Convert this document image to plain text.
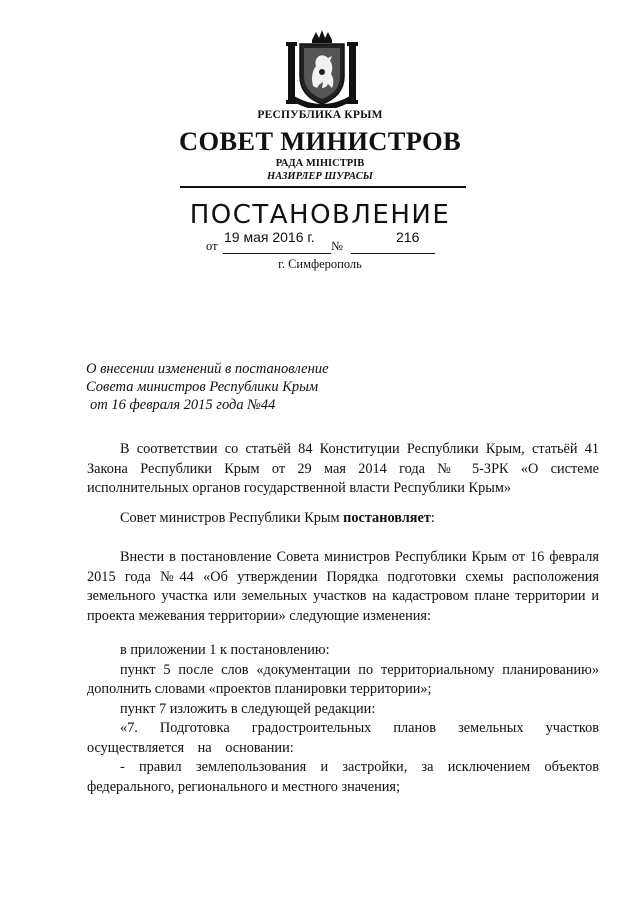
РЕСПУБЛИКА КРЫМ
СОВЕТ МИНИСТРОВ
РАДА МІНІСТРІВ
НАЗИРЛЕР ШУРАСЫ
ПОСТАНОВЛЕНИЕ
от
19 мая 2016 г.
№
216
г. Симферополь
О внесении изменений в постановление
Совета министров Республики Крым
от 16 февраля 2015 года №44

В соответствии со статьёй 84 Конституции Республики Крым, статьёй 41 Закона Республики Крым от 29 мая 2014 года № 5-ЗРК «О системе исполнительных органов государственной власти Республики Крым»

Совет министров Республики Крым постановляет:

Внести в постановление Совета министров Республики Крым от 16 февраля 2015 года №44 «Об утверждении Порядка подготовки схемы расположения земельного участка или земельных участков на кадастровом плане территории и проекта межевания территории» следующие изменения:

в приложении 1 к постановлению:

пункт 5 после слов «документации по территориальному планированию» дополнить словами «проектов планировки территории»;

пункт 7 изложить в следующей редакции:

«7. Подготовка градостроительных планов земельных участков осуществляется на основании:

- правил землепользования и застройки, за исключением объектов федерального, регионального и местного значения;
